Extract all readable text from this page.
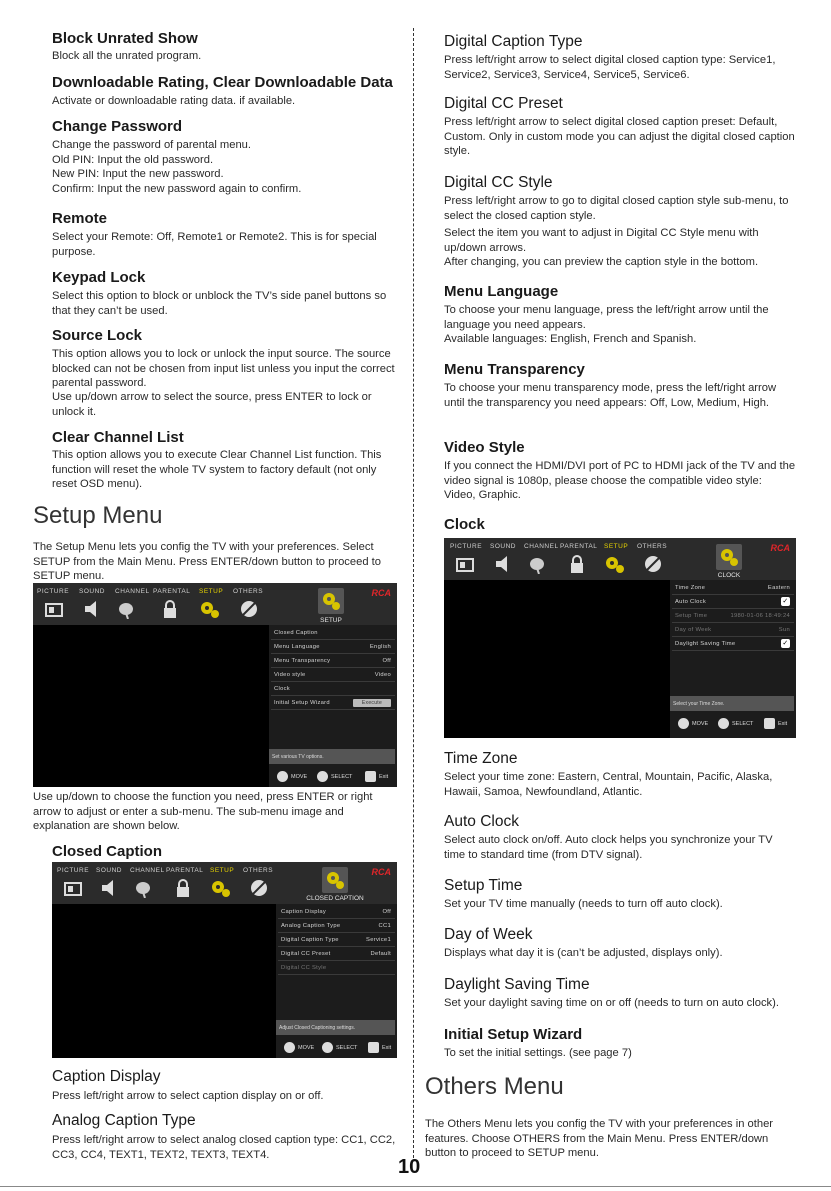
Block Unrated Show

Block all the unrated program.

Downloadable Rating, Clear Downloadable Data

Activate or downloadable rating data. if available.

Change Password

Change the password of parental menu.
Old PIN: Input the old password.
New PIN: Input the new password.
Confirm: Input the new password again to confirm.

Remote

Select your Remote: Off, Remote1 or Remote2. This is for special purpose.

Keypad Lock

Select this option to block or unblock the TV’s side panel buttons so that they can’t be used.

Source Lock

This option allows you to lock or unlock the input source. The source blocked can not be chosen from input list unless you input the correct parental password.

Use up/down arrow to select the source, press ENTER to lock or unlock it.

Clear Channel List

This option allows you to execute Clear Channel List function. This function will reset the whole TV system to factory default (not only reset OSD menu).

Setup Menu

The Setup Menu lets you config the TV with your preferences. Select SETUP from the Main Menu. Press ENTER/down button to proceed to SETUP menu.

PICTURE SOUND CHANNEL PARENTAL SETUP OTHERS	RCA
SETUP
Closed Caption
Menu Language	English
Menu Transparency	Off
Video style	Video
Clock
Initial Setup Wizard	Execute
Set various TV options.
MOVE	SELECT	Exit

Use up/down to choose the function you need, press ENTER or right arrow to adjust or enter a sub-menu. The sub-menu image and explanation are shown below.

Closed Caption
PICTURE SOUND CHANNEL PARENTAL SETUP OTHERS	RCA
CLOSED CAPTION
Caption Display	Off
Analog Caption Type	CC1
Digital Caption Type	Service1
Digital CC Preset	Default
Digital CC Style
Adjust Closed Captioning settings.
MOVE	SELECT	Exit
Caption Display

Press left/right arrow to select caption display on or off.

Analog Caption Type

Press left/right arrow to select analog closed caption type: CC1, CC2, CC3, CC4, TEXT1, TEXT2, TEXT3, TEXT4.

Digital Caption Type

Press left/right arrow to select digital closed caption type: Service1, Service2, Service3, Service4, Service5, Service6.

Digital CC Preset

Press left/right arrow to select digital closed caption preset: Default, Custom. Only in custom mode you can adjust the digital closed caption style.

Digital CC Style

Press left/right arrow to go to digital closed caption style sub-menu, to select the closed caption style.

Select the item you want to adjust in Digital CC Style menu with up/down arrows.
After changing, you can preview the caption style in the bottom.

Menu Language

To choose your menu language, press the left/right arrow until the language you need appears.
Available languages: English, French and Spanish.

Menu Transparency

To choose your menu transparency mode, press the left/right arrow until the transparency you need appears: Off, Low, Medium, High.

Video Style

If you connect the HDMI/DVI port of PC to HDMI jack of the TV and the video signal is 1080p, please choose the compatible video style: Video, Graphic.

Clock
PICTURE SOUND CHANNEL PARENTAL SETUP OTHERS	RCA
CLOCK
Time Zone	Eastern
Auto Clock	✓
Setup Time	1980-01-06 18:49:24
Day of Week	Sun
Daylight Saving Time	✓
Select your Time Zone.
MOVE	SELECT	Exit
Time Zone

Select your time zone: Eastern, Central, Mountain, Pacific, Alaska, Hawaii, Samoa, Newfoundland, Atlantic.

Auto Clock

Select auto clock on/off. Auto clock helps you synchronize your TV time to standard time (from DTV signal).

Setup Time

Set your TV time manually (needs to turn off auto clock).

Day of Week

Displays what day it is (can’t be adjusted, displays only).

Daylight Saving Time

Set your daylight saving time on or off (needs to turn on auto clock).

Initial Setup Wizard

To set the initial settings. (see page 7)

Others Menu

The Others Menu lets you config the TV with your preferences in other features. Choose OTHERS from the Main Menu. Press ENTER/down button to proceed to SETUP menu.

10
